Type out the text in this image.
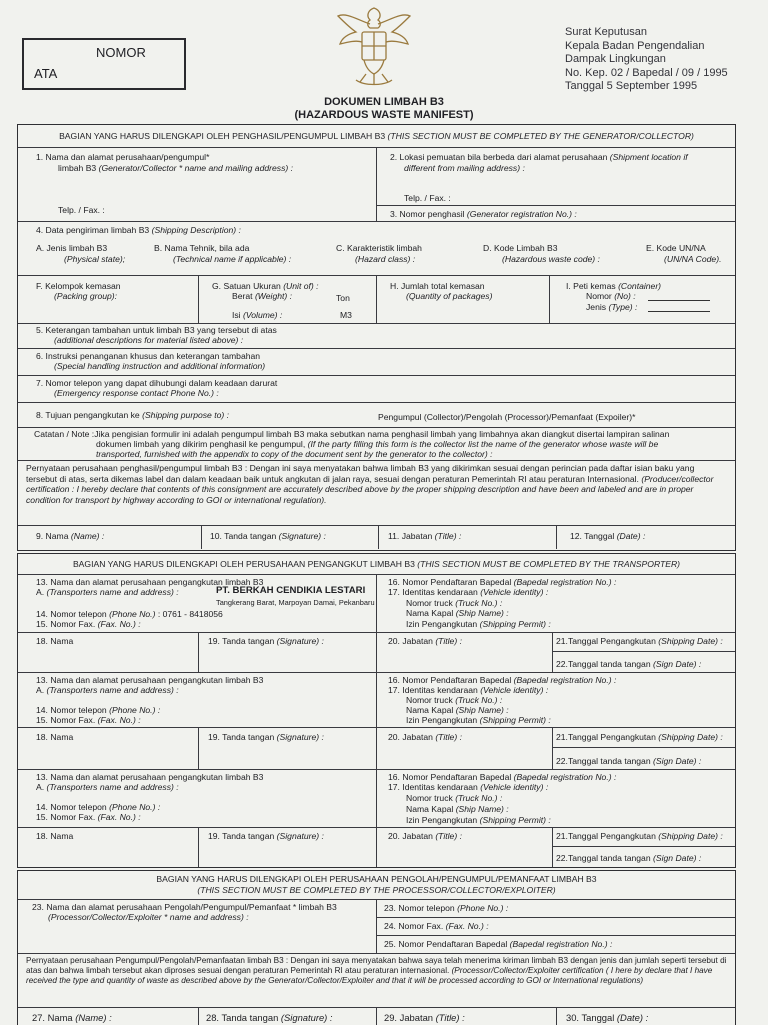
NOMOR
ATA
Surat Keputusan
Kepala Badan Pengendalian
Dampak Lingkungan
No. Kep. 02 / Bapedal / 09 / 1995
Tanggal 5 September 1995
DOKUMEN LIMBAH B3
(HAZARDOUS WASTE MANIFEST)
BAGIAN YANG HARUS DILENGKAPI OLEH PENGHASIL/PENGUMPUL LIMBAH B3 (THIS SECTION MUST BE COMPLETED BY THE GENERATOR/COLLECTOR)
1. Nama dan alamat perusahaan/pengumpul*
limbah B3 (Generator/Collector * name and mailing address) :
Telp. / Fax. :
2. Lokasi pemuatan bila berbeda dari alamat perusahaan (Shipment location if
different from mailing address) :
Telp. / Fax. :
3. Nomor penghasil (Generator registration No.) :
4. Data pengiriman limbah B3 (Shipping Description) :
A. Jenis limbah B3
(Physical state);
B. Nama Tehnik, bila ada
(Technical name if applicable) :
C. Karakteristik limbah
(Hazard class) :
D. Kode Limbah B3
(Hazardous waste code) :
E. Kode UN/NA
(UN/NA Code).
F. Kelompok kemasan
(Packing group):
G. Satuan Ukuran (Unit of) :
Berat (Weight) :	Ton
Isi (Volume) :	M3
H. Jumlah total kemasan
(Quantity of packages)
I. Peti kemas (Container)
Nomor (No) :
Jenis (Type) :
5. Keterangan tambahan untuk limbah B3 yang tersebut di atas
(additional descriptions for material listed above) :
6. Instruksi penanganan khusus dan keterangan tambahan
(Special handling instruction and additional information)
7. Nomor telepon yang dapat dihubungi dalam keadaan darurat
(Emergency response contact Phone No.) :
8. Tujuan pengangkutan ke (Shipping purpose to) :	Pengumpul (Collector)/Pengolah (Processor)/Pemanfaat (Expoiler)*
Catatan / Note :Jika pengisian formulir ini adalah pengumpul limbah B3 maka sebutkan nama penghasil limbah yang limbahnya akan diangkut disertai lampiran salinan
dokumen limbah yang dikirim penghasil ke pengumpul, (If the party filling this form is the collector list the name of the generator whose waste will be
transported, furnished with the appendix to copy of the document sent by the generator to the collector) :
Pernyataan perusahaan penghasil/pengumpul limbah B3 : Dengan ini saya menyatakan bahwa limbah B3 yang dikirimkan sesuai dengan perincian pada daftar isian baku yang tersebut di atas, serta dikemas label dan dalam keadaan baik untuk angkutan di jalan raya, sesuai dengan peraturan Pemerintah RI atau peraturan Internasional. (Producer/collector certification : I hereby declare that contents of this consignment are accurately described above by the proper shipping description and have been and labeled and are in proper condition for transport by highway according to GOI or international regulation).
9. Nama (Name) :	10. Tanda tangan (Signature) :	11. Jabatan (Title) :	12. Tanggal (Date) :
BAGIAN YANG HARUS DILENGKAPI OLEH PERUSAHAAN PENGANGKUT LIMBAH B3 (THIS SECTION MUST BE COMPLETED BY THE TRANSPORTER)
13. Nama dan alamat perusahaan pengangkutan limbah B3
A. (Transporters name and address) :	PT. BERKAH CENDIKIA LESTARI
Tangkerang Barat, Marpoyan Damai, Pekanbaru
14. Nomor telepon (Phone No.) : 0761 - 8418056
15. Nomor Fax. (Fax. No.) :
16. Nomor Pendaftaran Bapedal (Bapedal registration No.) :
17. Identitas kendaraan (Vehicle identity) :
Nomor truck (Truck No.) :
Nama Kapal (Ship Name) :
Izin Pengangkutan (Shipping Permit) :
18. Nama	19. Tanda tangan (Signature) :	20. Jabatan (Title) :	21.Tanggal Pengangkutan (Shipping Date) :
22.Tanggal tanda tangan (Sign Date) :
13. Nama dan alamat perusahaan pengangkutan limbah B3
A. (Transporters name and address) :
14. Nomor telepon (Phone No.) :
15. Nomor Fax. (Fax. No.) :
16. Nomor Pendaftaran Bapedal (Bapedal registration No.) :
17. Identitas kendaraan (Vehicle identity) :
Nomor truck (Truck No.) :
Nama Kapal (Ship Name) :
Izin Pengangkutan (Shipping Permit) :
18. Nama	19. Tanda tangan (Signature) :	20. Jabatan (Title) :	21.Tanggal Pengangkutan (Shipping Date) :
22.Tanggal tanda tangan (Sign Date) :
13. Nama dan alamat perusahaan pengangkutan limbah B3
A. (Transporters name and address) :
14. Nomor telepon (Phone No.) :
15. Nomor Fax. (Fax. No.) :
16. Nomor Pendaftaran Bapedal (Bapedal registration No.) :
17. Identitas kendaraan (Vehicle identity) :
Nomor truck (Truck No.) :
Nama Kapal (Ship Name) :
Izin Pengangkutan (Shipping Permit) :
18. Nama	19. Tanda tangan (Signature) :	20. Jabatan (Title) :	21.Tanggal Pengangkutan (Shipping Date) :
22.Tanggal tanda tangan (Sign Date) :
BAGIAN YANG HARUS DILENGKAPI OLEH PERUSAHAAN PENGOLAH/PENGUMPUL/PEMANFAAT LIMBAH B3
(THIS SECTION MUST BE COMPLETED BY THE PROCESSOR/COLLECTOR/EXPLOITER)
23. Nama dan alamat perusahaan Pengolah/Pengumpul/Pemanfaat * limbah B3
(Processor/Collector/Exploiter * name and address) :
23. Nomor telepon (Phone No.) :
24. Nomor Fax. (Fax. No.) :
25. Nomor Pendaftaran Bapedal (Bapedal registration No.) :
Pernyataan perusahaan Pengumpul/Pengolah/Pemanfaatan limbah B3 : Dengan ini saya menyatakan bahwa saya telah menerima kiriman limbah B3 dengan jenis dan jumlah seperti tersebut di atas dan bahwa limbah tersebut akan diproses sesuai dengan peraturan Pemerintah RI atau peraturan internasional. (Processor/Collector/Exploiter certification ( I here by declare that I have received the type and quantity of waste as described above by the Generator/Collector/Exploiter and that it will be processed according to GOI or International regulations)
27. Nama (Name) :	28. Tanda tangan (Signature) :	29. Jabatan (Title) :	30. Tanggal (Date) :
